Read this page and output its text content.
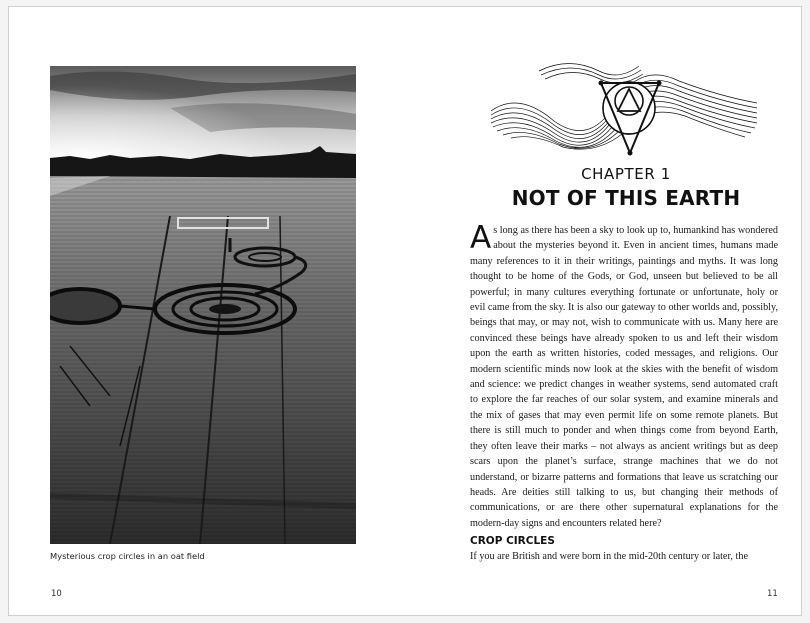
Mysterious crop circles in an oat field
10
CHAPTER 1
NOT OF THIS EARTH
As long as there has been a sky to look up to, humankind has wondered about the mysteries beyond it. Even in ancient times, humans made many references to it in their writings, paintings and myths. It was long thought to be home of the Gods, or God, unseen but believed to be all powerful; in many cultures everything fortunate or unfortunate, holy or evil came from the sky. It is also our gateway to other worlds and, possibly, beings that may, or may not, wish to communicate with us. Many here are convinced these beings have already spoken to us and left their wisdom upon the earth as written histories, coded messages, and religions. Our modern scientific minds now look at the skies with the benefit of wisdom and science: we predict changes in weather systems, send automated craft to explore the far reaches of our solar system, and examine minerals and the mix of gases that may even permit life on some remote planets. But there is still much to ponder and when things come from beyond Earth, they often leave their marks – not always as ancient writings but as deep scars upon the planet’s surface, strange machines that we do not understand, or bizarre patterns and formations that leave us scratching our heads. Are deities still talking to us, but changing their methods of communications, or are there other supernatural explanations for the modern-day signs and encounters related here?
CROP CIRCLES
If you are British and were born in the mid-20th century or later, the
11
